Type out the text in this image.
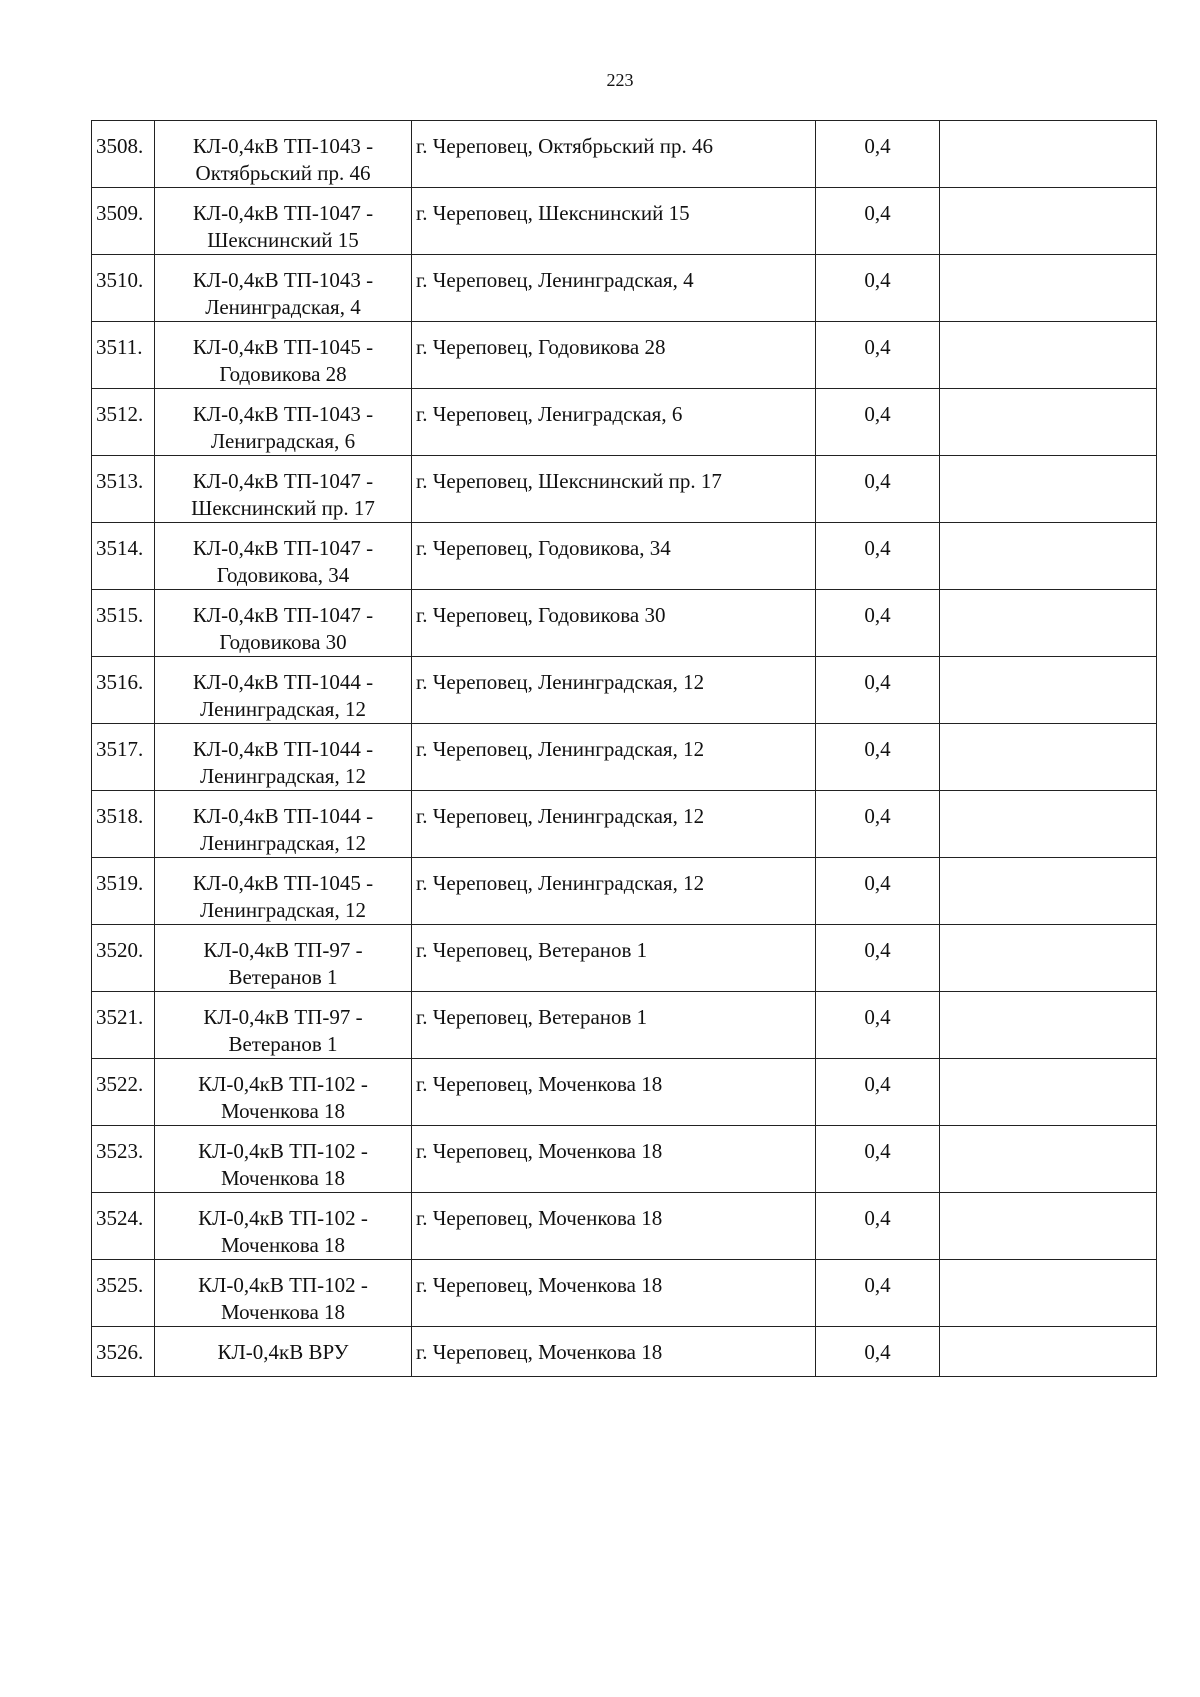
223
3508.	КЛ-0,4кВ ТП-1043 - Октябрьский пр. 46	г. Череповец, Октябрьский пр. 46	0,4	
3509.	КЛ-0,4кВ ТП-1047 - Шекснинский 15	г. Череповец, Шекснинский 15	0,4	
3510.	КЛ-0,4кВ ТП-1043 - Ленинградская, 4	г. Череповец, Ленинградская, 4	0,4	
3511.	КЛ-0,4кВ ТП-1045 - Годовикова 28	г. Череповец, Годовикова 28	0,4	
3512.	КЛ-0,4кВ ТП-1043 - Лениградская, 6	г. Череповец, Лениградская, 6	0,4	
3513.	КЛ-0,4кВ ТП-1047 - Шекснинский пр. 17	г. Череповец, Шекснинский пр. 17	0,4	
3514.	КЛ-0,4кВ ТП-1047 - Годовикова, 34	г. Череповец, Годовикова, 34	0,4	
3515.	КЛ-0,4кВ ТП-1047 - Годовикова 30	г. Череповец, Годовикова 30	0,4	
3516.	КЛ-0,4кВ ТП-1044 - Ленинградская, 12	г. Череповец, Ленинградская, 12	0,4	
3517.	КЛ-0,4кВ ТП-1044 - Ленинградская, 12	г. Череповец, Ленинградская, 12	0,4	
3518.	КЛ-0,4кВ ТП-1044 - Ленинградская, 12	г. Череповец, Ленинградская, 12	0,4	
3519.	КЛ-0,4кВ ТП-1045 - Ленинградская, 12	г. Череповец, Ленинградская, 12	0,4	
3520.	КЛ-0,4кВ ТП-97 - Ветеранов 1	г. Череповец, Ветеранов 1	0,4	
3521.	КЛ-0,4кВ ТП-97 - Ветеранов 1	г. Череповец, Ветеранов 1	0,4	
3522.	КЛ-0,4кВ ТП-102 - Моченкова 18	г. Череповец, Моченкова 18	0,4	
3523.	КЛ-0,4кВ ТП-102 - Моченкова 18	г. Череповец, Моченкова 18	0,4	
3524.	КЛ-0,4кВ ТП-102 - Моченкова 18	г. Череповец, Моченкова 18	0,4	
3525.	КЛ-0,4кВ ТП-102 - Моченкова 18	г. Череповец, Моченкова 18	0,4	
3526.	КЛ-0,4кВ ВРУ	г. Череповец, Моченкова 18	0,4	
